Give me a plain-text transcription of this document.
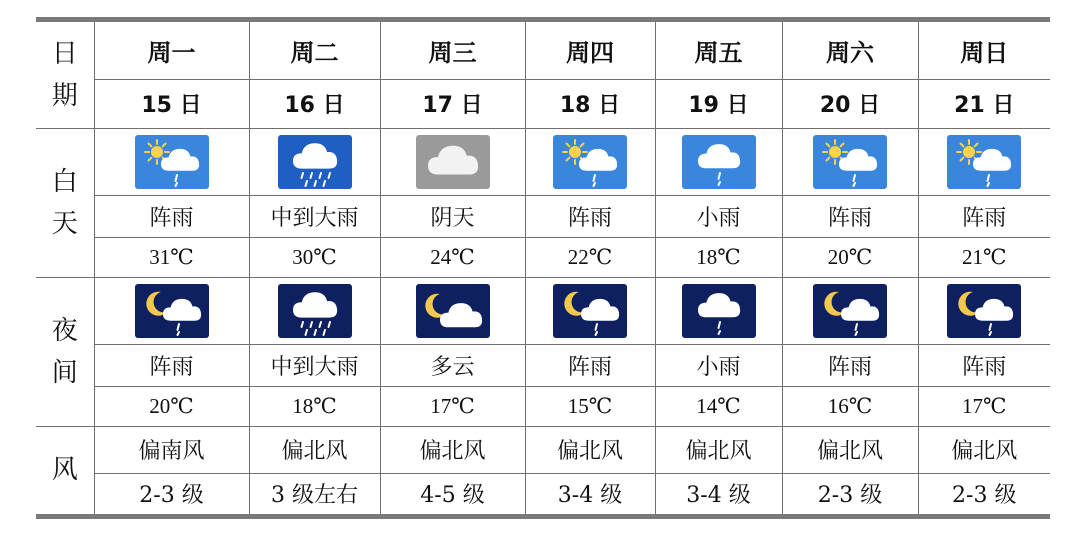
日
期	周一	周二	周三	周四	周五	周六	周日
	15 日	16 日	17 日	18 日	19 日	20 日	21 日

白
天

	阵雨	中到大雨	阴天	阵雨	小雨	阵雨	阵雨
	31℃	30℃	24℃	22℃	18℃	20℃	21℃

夜
间

	阵雨	中到大雨	多云	阵雨	小雨	阵雨	阵雨
	20℃	18℃	17℃	15℃	14℃	16℃	17℃

风	偏南风	偏北风	偏北风	偏北风	偏北风	偏北风	偏北风
	2-3 级	3 级左右	4-5 级	3-4 级	3-4 级	2-3 级	2-3 级
